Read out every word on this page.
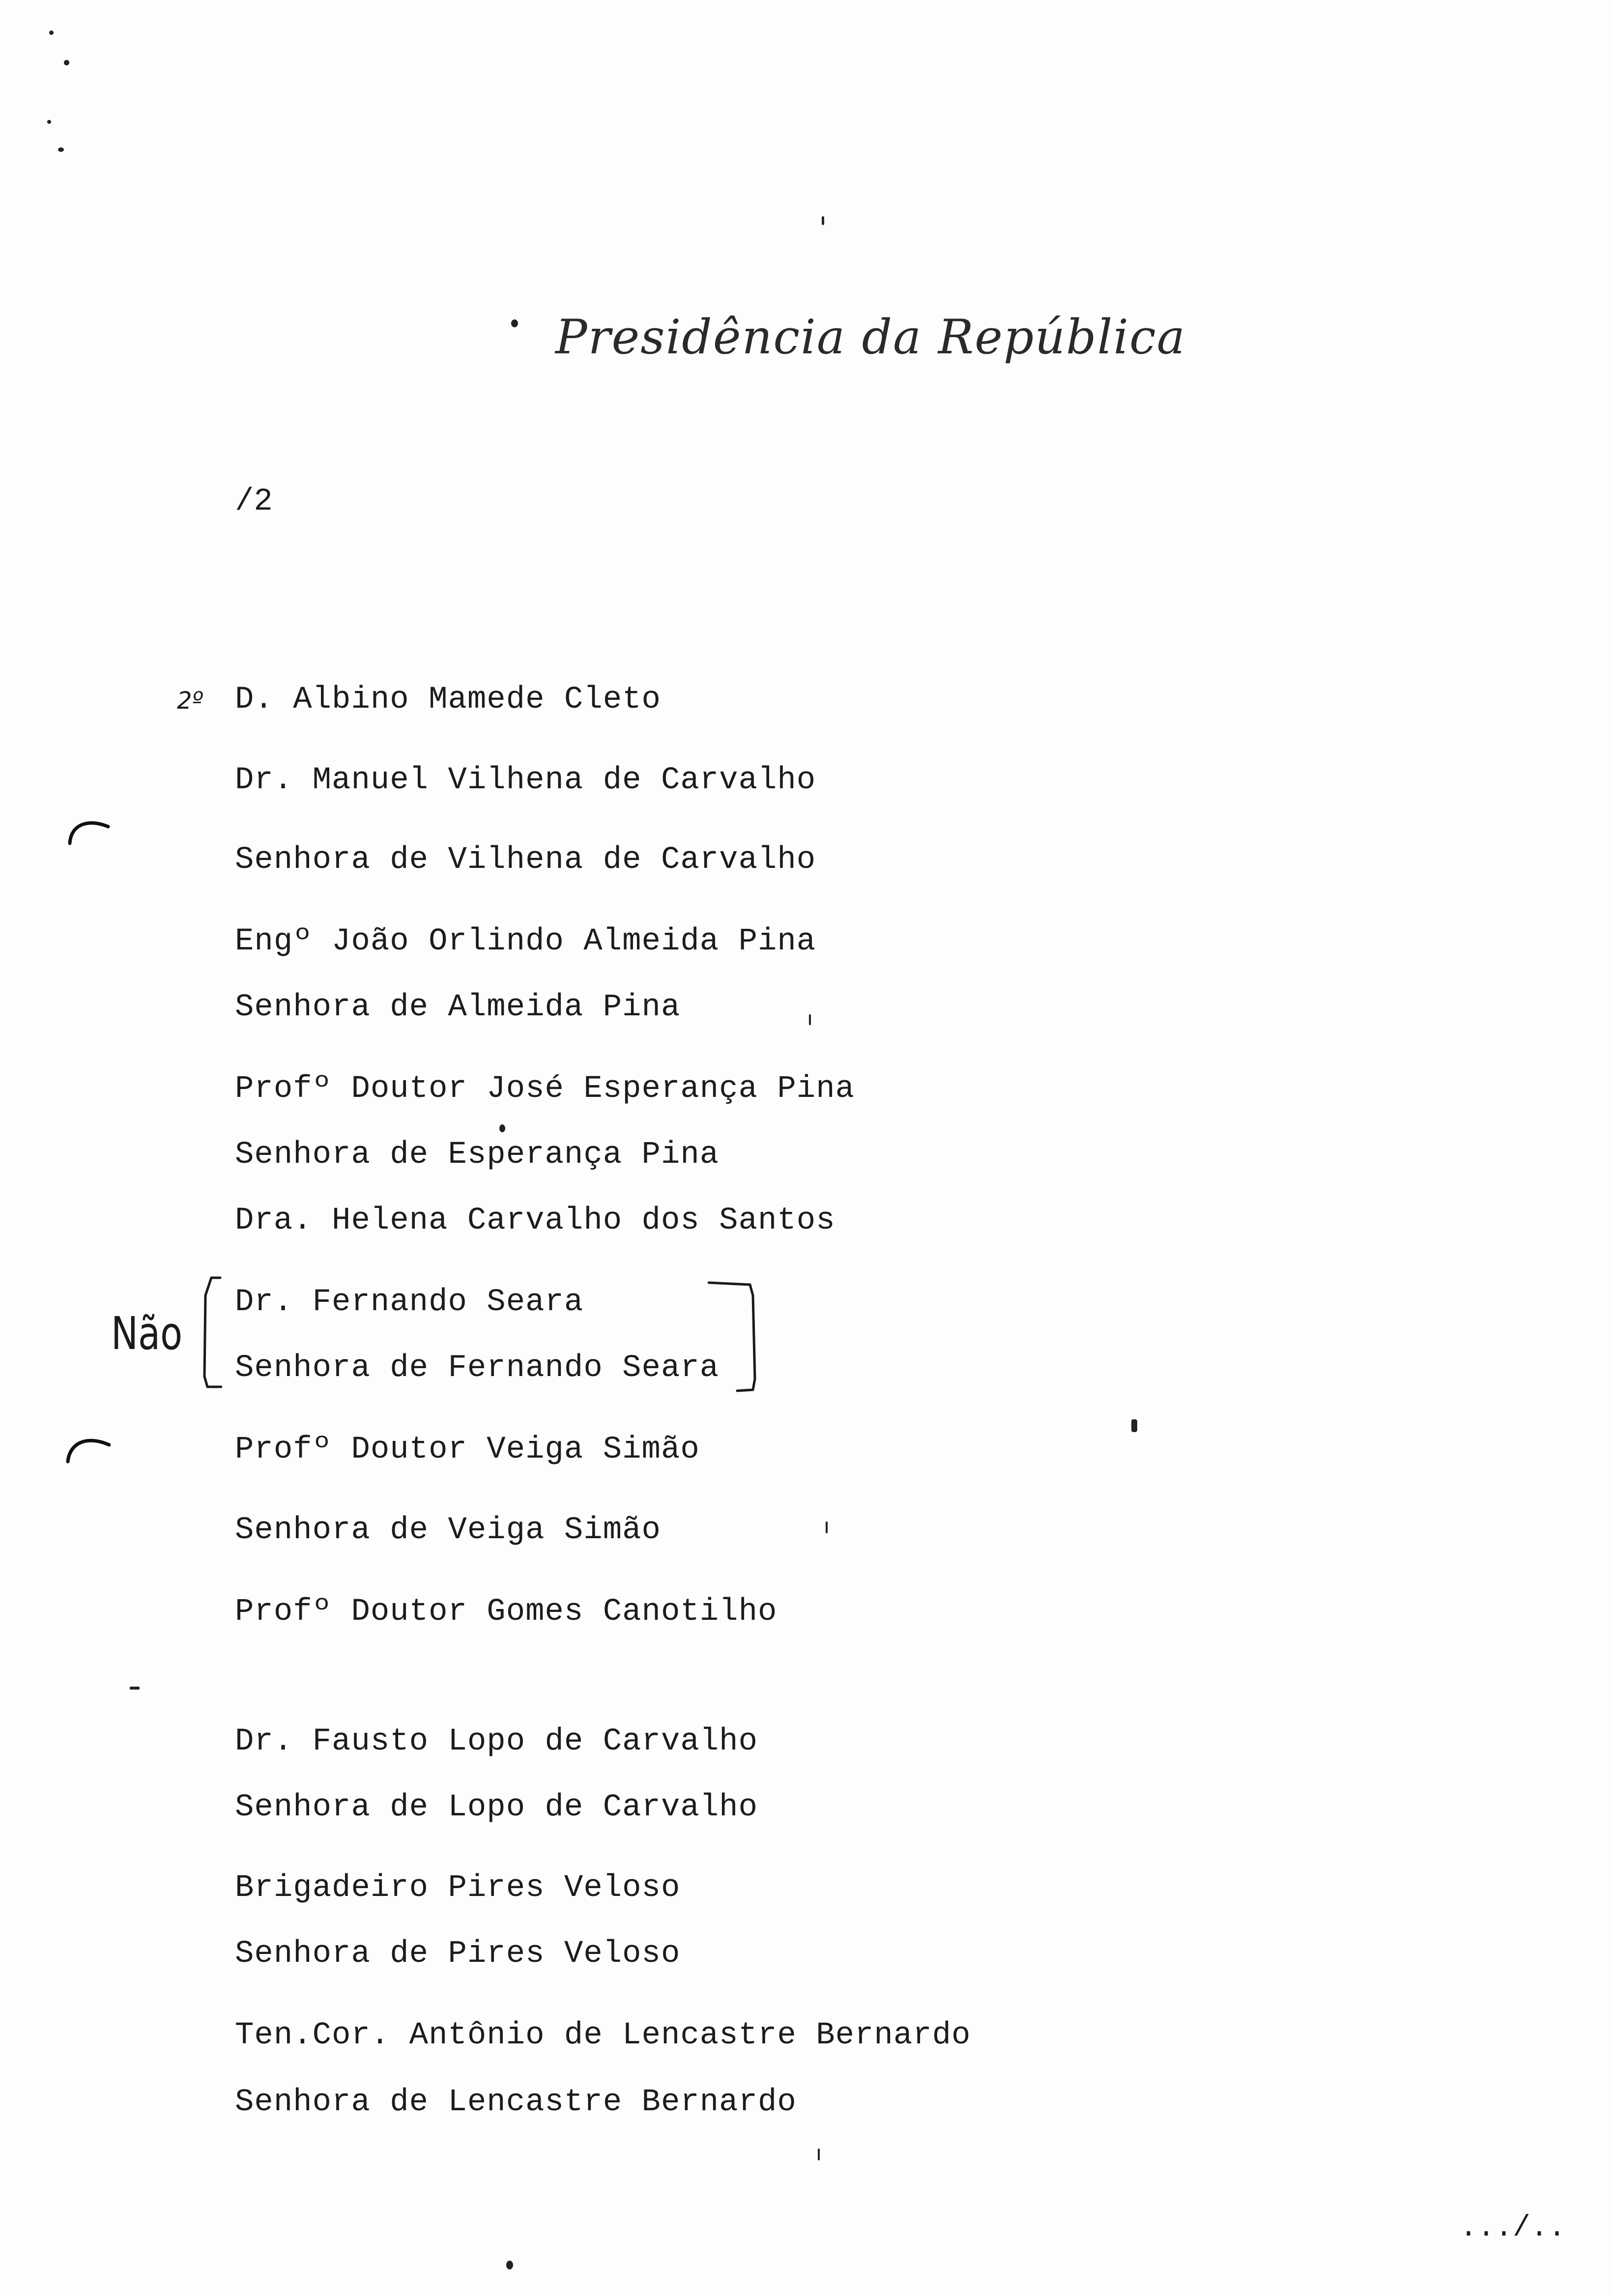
Presidência da República
/2
2º D. Albino Mamede Cleto
Dr. Manuel Vilhena de Carvalho
Senhora de Vilhena de Carvalho
Engº João Orlindo Almeida Pina
Senhora de Almeida Pina
Profº Doutor José Esperança Pina
Senhora de Esperança Pina
Dra. Helena Carvalho dos Santos
Dr. Fernando Seara
Senhora de Fernando Seara
Profº Doutor Veiga Simão
Senhora de Veiga Simão
Profº Doutor Gomes Canotilho
Dr. Fausto Lopo de Carvalho
Senhora de Lopo de Carvalho
Brigadeiro Pires Veloso
Senhora de Pires Veloso
Ten.Cor. Antônio de Lencastre Bernardo
Senhora de Lencastre Bernardo
Não
.../..
